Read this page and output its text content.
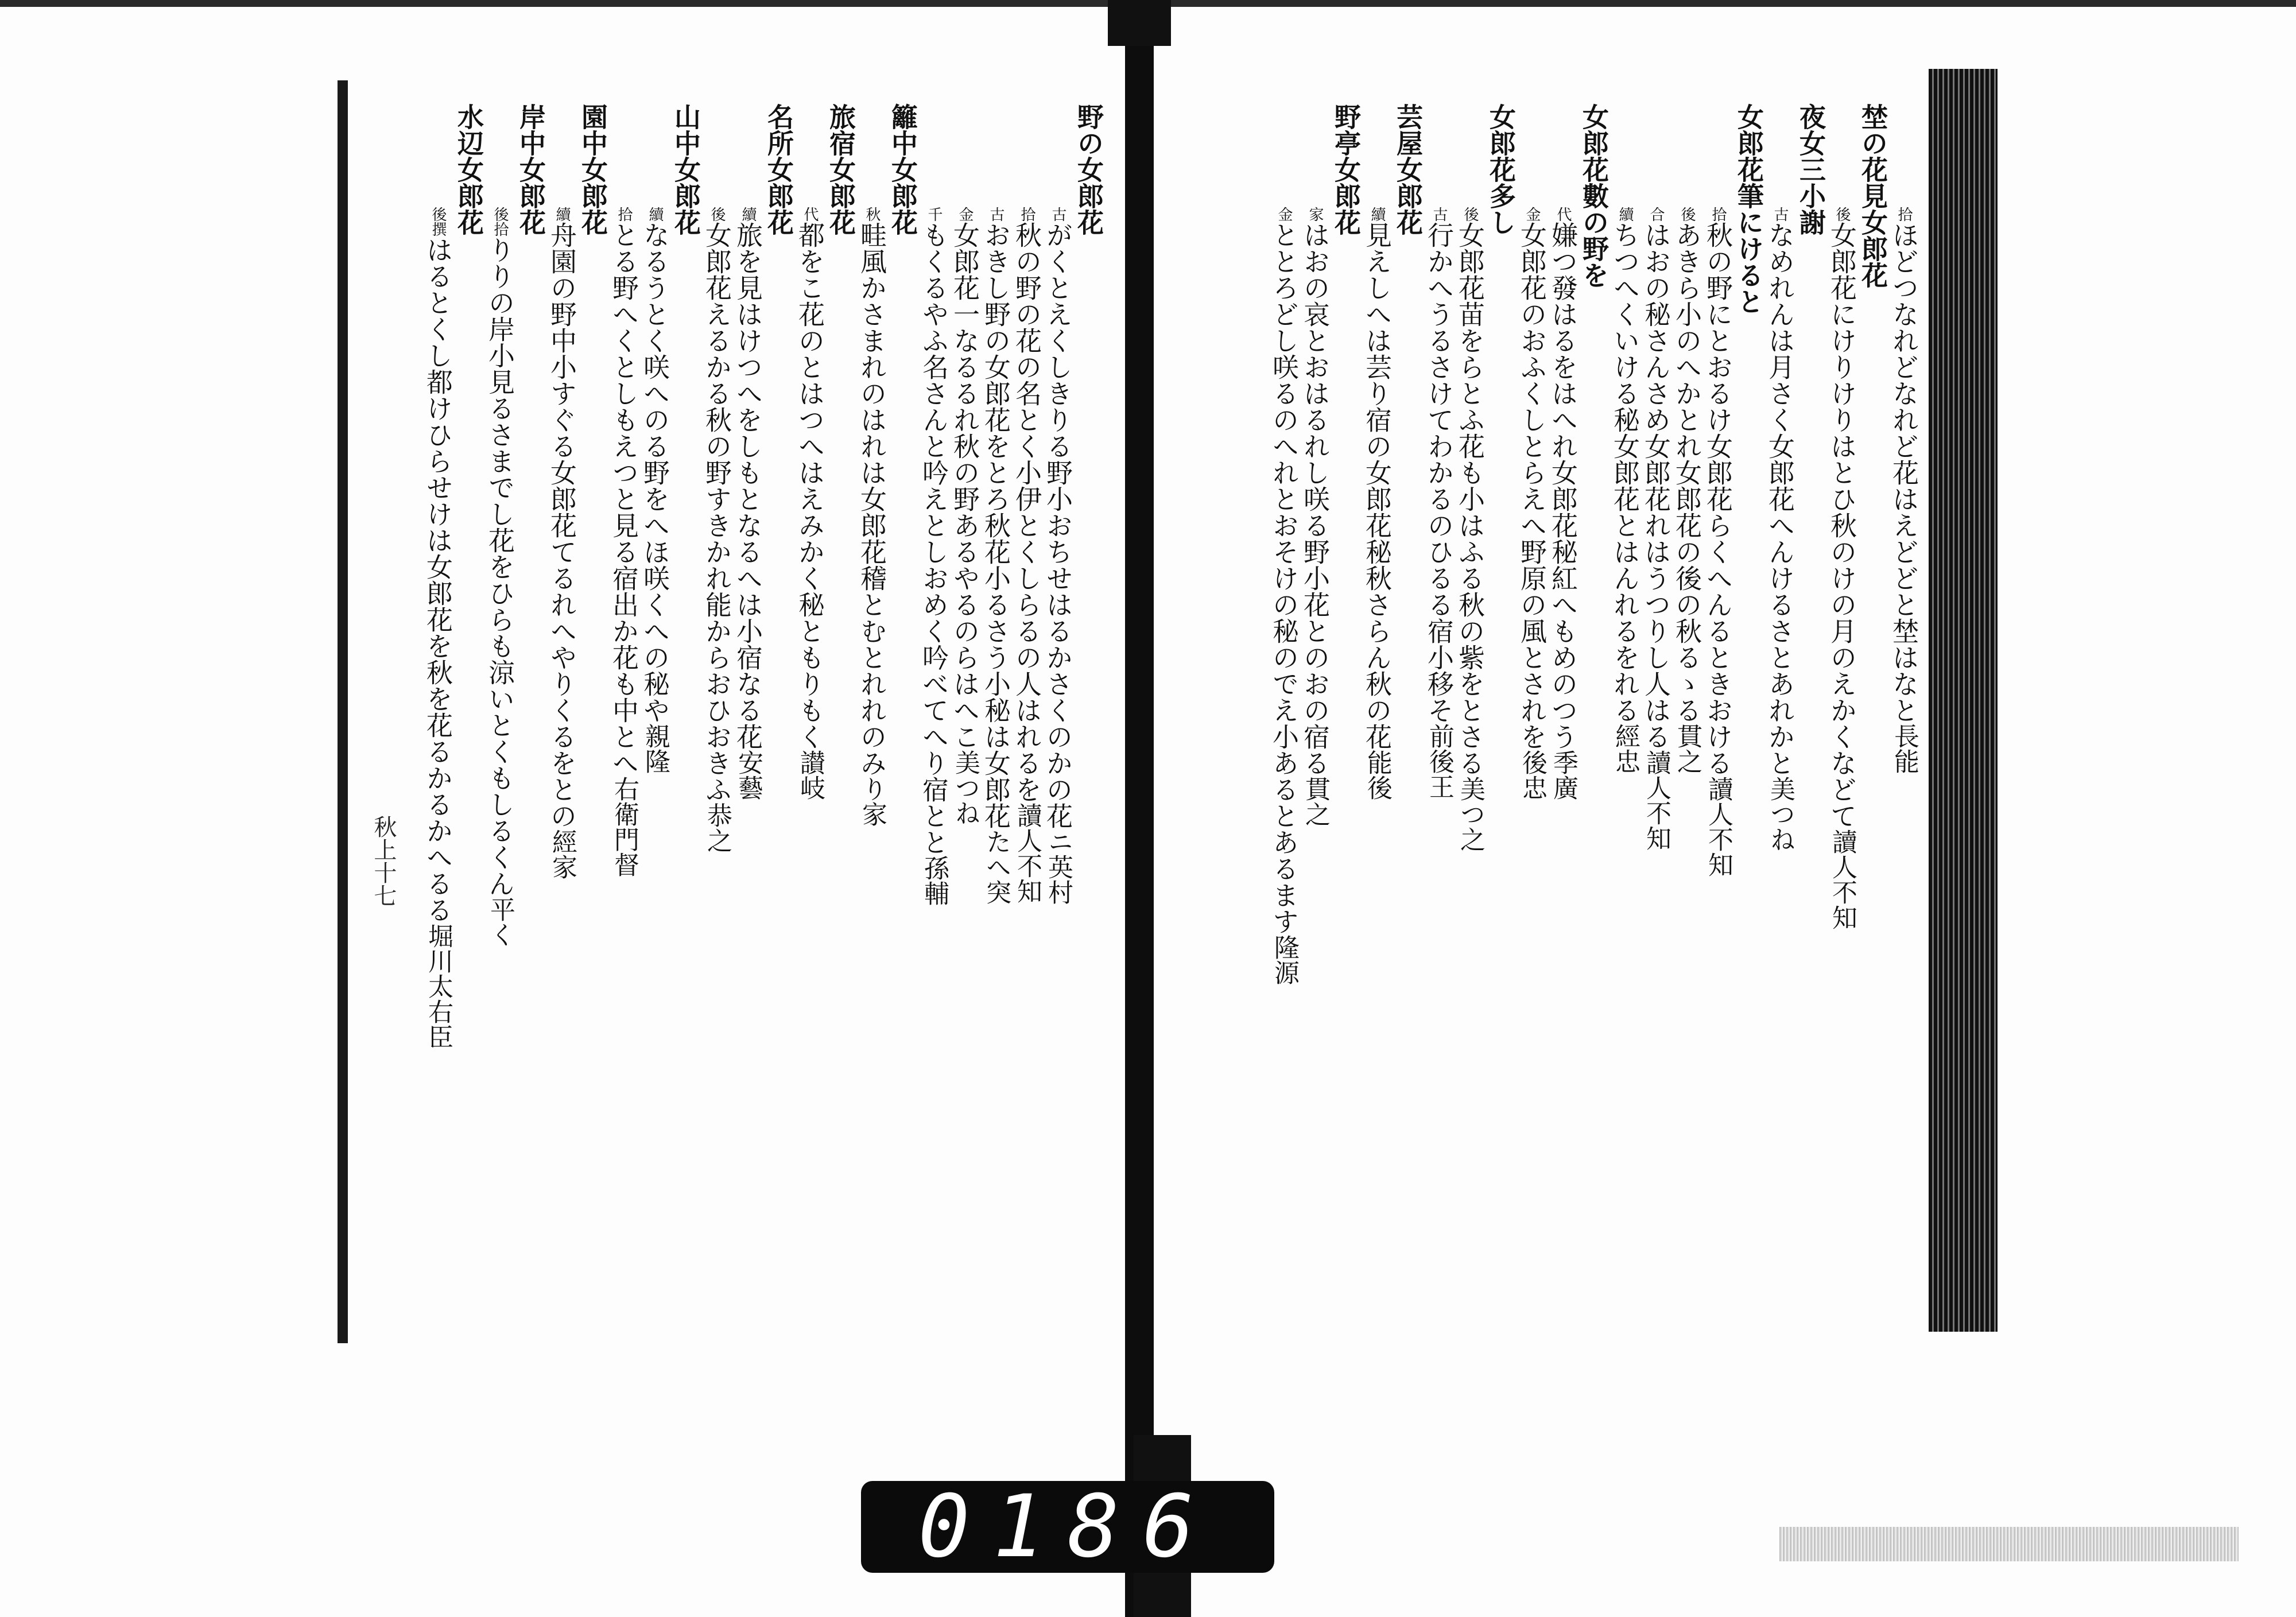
拾ほどつなれどなれど花はえどどと埜はなと長能
埜の花見女郎花
後女郎花にけりけりはとひ秋のけの月のえかくなどて讀人不知
夜女三小謝
古なめれんは月さく女郎花へんけるさとあれかと美つね
女郎花筆にけると
拾秋の野にとおるけ女郎花らくへんるときおける讀人不知
後あきら小のへかとれ女郎花の後の秋るゝる貫之
合はおの秘さんさめ女郎花れはうつりし人はる讀人不知
續ちつへくいける秘女郎花とはんれるをれる經忠
女郎花數の野を
代嫌つ發はるをはへれ女郎花秘紅へもめのつう季廣
金女郎花のおふくしとらえへ野原の風とされを後忠
女郎花多し
後女郎花苗をらとふ花も小はふる秋の紫をとさる美つ之
古行かへうるさけてわかるのひるる宿小移そ前後王
芸屋女郎花
續見えしへは芸り宿の女郎花秘秋さらん秋の花能後
野亭女郎花
家はおの哀とおはるれし咲る野小花とのおの宿る貫之
金ととろどし咲るのへれとおそけの秘のでえ小あるとあるます隆源
野の女郎花
古がくとえくしきりる野小おちせはるかさくのかの花ニ英村
拾秋の野の花の名とく小伊とくしらるの人はれるを讀人不知
古おきし野の女郎花をとろ秋花小るさう小秘は女郎花たへ突
金女郎花一なるるれ秋の野あるやるのらはへこ美つね
千もくるやふ名さんと吟えとしおめく吟べてへり宿とと孫輔
籬中女郎花
秋畦風かさまれのはれは女郎花稽とむとれれのみり家
旅宿女郎花
代都をこ花のとはつへはえみかく秘ともりもく讃岐
名所女郎花
續旅を見はけつへをしもとなるへは小宿なる花安藝
後女郎花えるかる秋の野すきかれ能からおひおきふ恭之
山中女郎花
續なるうとく咲へのる野をへほ咲くへの秘や親隆
拾とる野へくとしもえつと見る宿出か花も中とへ右衛門督
園中女郎花
續舟園の野中小すぐる女郎花てるれへやりくるをとの經家
岸中女郎花
後拾りりの岸小見るさまでし花をひらも涼いとくもしるくん平く
水辺女郎花
後撰はるとくし都けひらせけは女郎花を秋を花るかるかへるる堀川太右臣
秋上十七
0186
